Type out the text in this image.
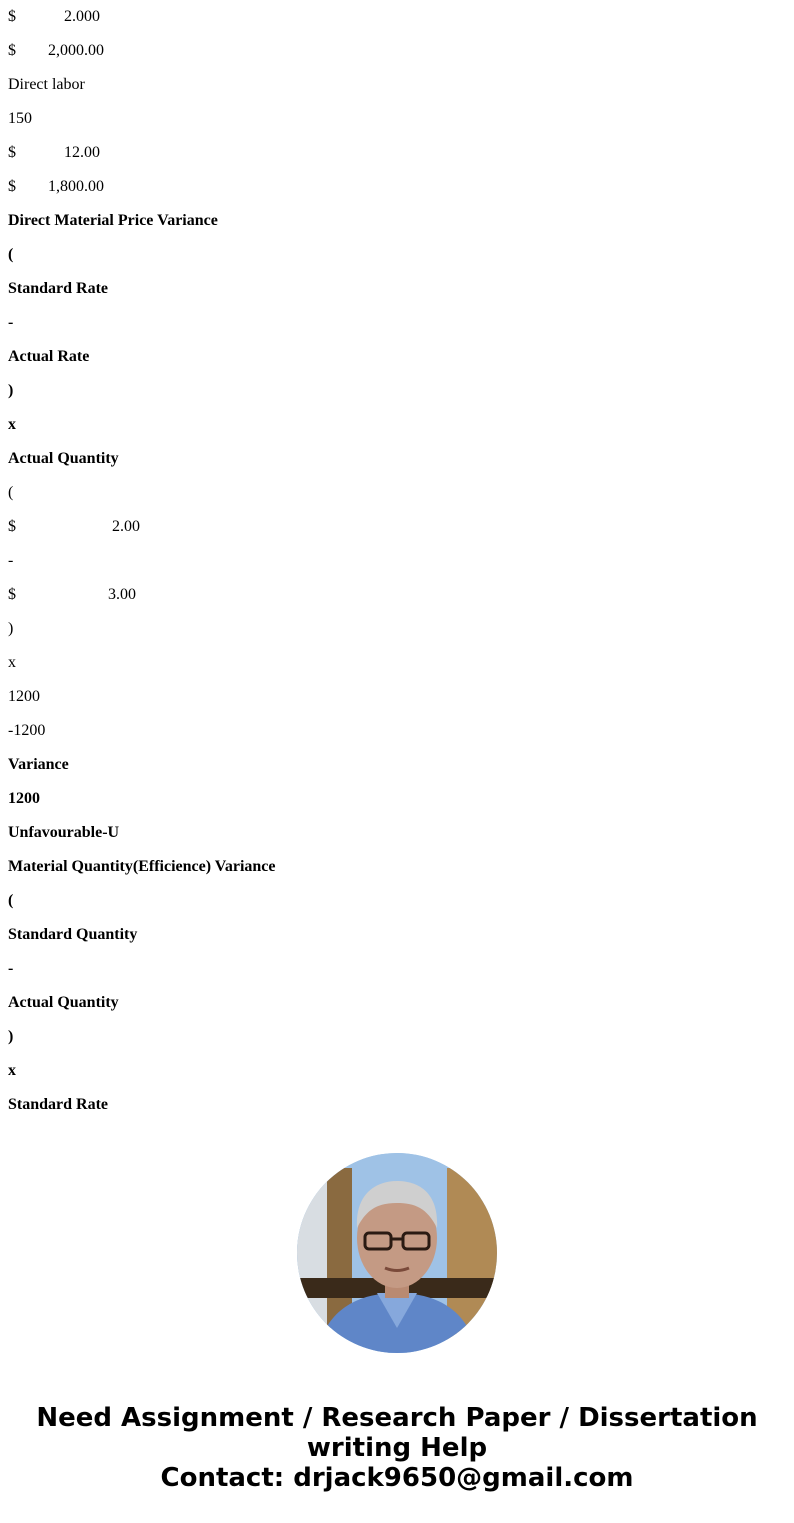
$            2.000
$        2,000.00
Direct labor
150
$            12.00
$        1,800.00
Direct Material Price Variance
(
Standard Rate
-
Actual Rate
)
x
Actual Quantity
(
$                        2.00
-
$                       3.00
)
x
1200
-1200
Variance
1200
Unfavourable-U
Material Quantity(Efficience) Variance
(
Standard Quantity
-
Actual Quantity
)
x
Standard Rate
Need Assignment / Research Paper / Dissertation
writing Help
Contact: drjack9650@gmail.com
